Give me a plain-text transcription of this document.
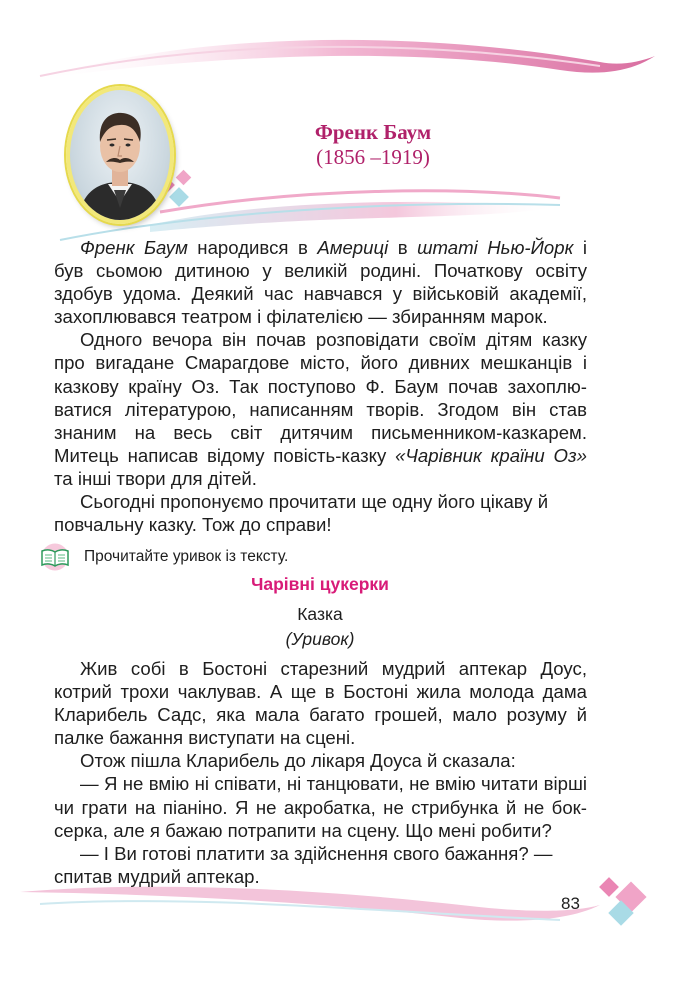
Френк Баум
(1856 –1919)

Френк Баум народився в Америці в штаті Нью-Йорк і був сьомою дитиною у великій родині. Початкову освіту здобув удома. Деякий час навчався у військовій академії, захоплювався театром і філателією — збиранням марок.

Одного вечора він почав розповідати своїм дітям казку про вигадане Смарагдове місто, його дивних мешканців і казкову країну Оз. Так поступово Ф. Баум почав захоплюватися літературою, написанням творів. Згодом він став знаним на весь світ дитячим письменником-казкарем. Митець написав відому повість-казку «Чарівник країни Оз» та інші твори для дітей.

Сьогодні пропонуємо прочитати ще одну його цікаву й повчальну казку. Тож до справи!

Прочитайте уривок із тексту.
Чарівні цукерки
Казка
(Уривок)

Жив собі в Бостоні старезний мудрий аптекар Доус, котрий трохи чаклував. А ще в Бостоні жила молода дама Кларибель Садс, яка мала багато грошей, мало розуму й палке бажання виступати на сцені.

Отож пішла Кларибель до лікаря Доуса й сказала:

— Я не вмію ні співати, ні танцювати, не вмію читати вірші чи грати на піаніно. Я не акробатка, не стрибунка й не боксерка, але я бажаю потрапити на сцену. Що мені робити?

— І Ви готові платити за здійснення свого бажання? — спитав мудрий аптекар.

83
